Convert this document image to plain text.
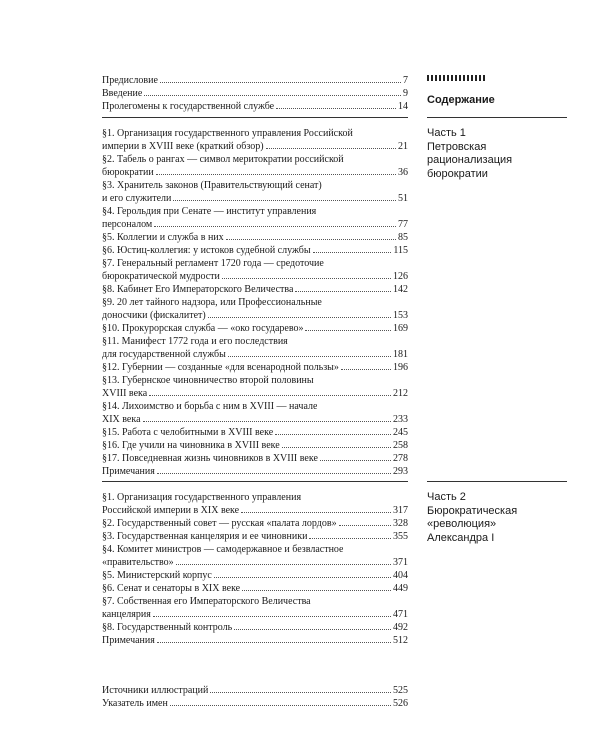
Содержание
Часть 1
Петровская
рационализация
бюрократии
Часть 2
Бюрократическая
«революция»
Александра I
Предисловие	7
Введение	9
Пролегомены к государственной службе	14
§1. Организация государственного управления Российской
империи в XVIII веке (краткий обзор)	21
§2. Табель о рангах — символ меритократии российской
бюрократии	36
§3. Хранитель законов (Правительствующий сенат)
и его служители	51
§4. Герольдия при Сенате — институт управления
персоналом	77
§5. Коллегии и служба в них	85
§6. Юстиц-коллегия: у истоков судебной службы	115
§7. Генеральный регламент 1720 года — средоточие
бюрократической мудрости	126
§8. Кабинет Его Императорского Величества	142
§9. 20 лет тайного надзора, или Профессиональные
доносчики (фискалитет)	153
§10. Прокурорская служба — «око государево»	169
§11. Манифест 1772 года и его последствия
для государственной службы	181
§12. Губернии — созданные «для всенародной пользы»	196
§13. Губернское чиновничество второй половины
XVIII века	212
§14. Лихоимство и борьба с ним в XVIII — начале
XIX века	233
§15. Работа с челобитными в XVIII веке	245
§16. Где учили на чиновника в XVIII веке	258
§17. Повседневная жизнь чиновников в XVIII веке	278
Примечания	293
§1. Организация государственного управления
Российской империи в XIX веке	317
§2. Государственный совет — русская «палата лордов»	328
§3. Государственная канцелярия и ее чиновники	355
§4. Комитет министров — самодержавное и безвластное
«правительство»	371
§5. Министерский корпус	404
§6. Сенат и сенаторы в XIX веке	449
§7. Собственная его Императорского Величества
канцелярия	471
§8. Государственный контроль	492
Примечания	512
Источники иллюстраций	525
Указатель имен	526
